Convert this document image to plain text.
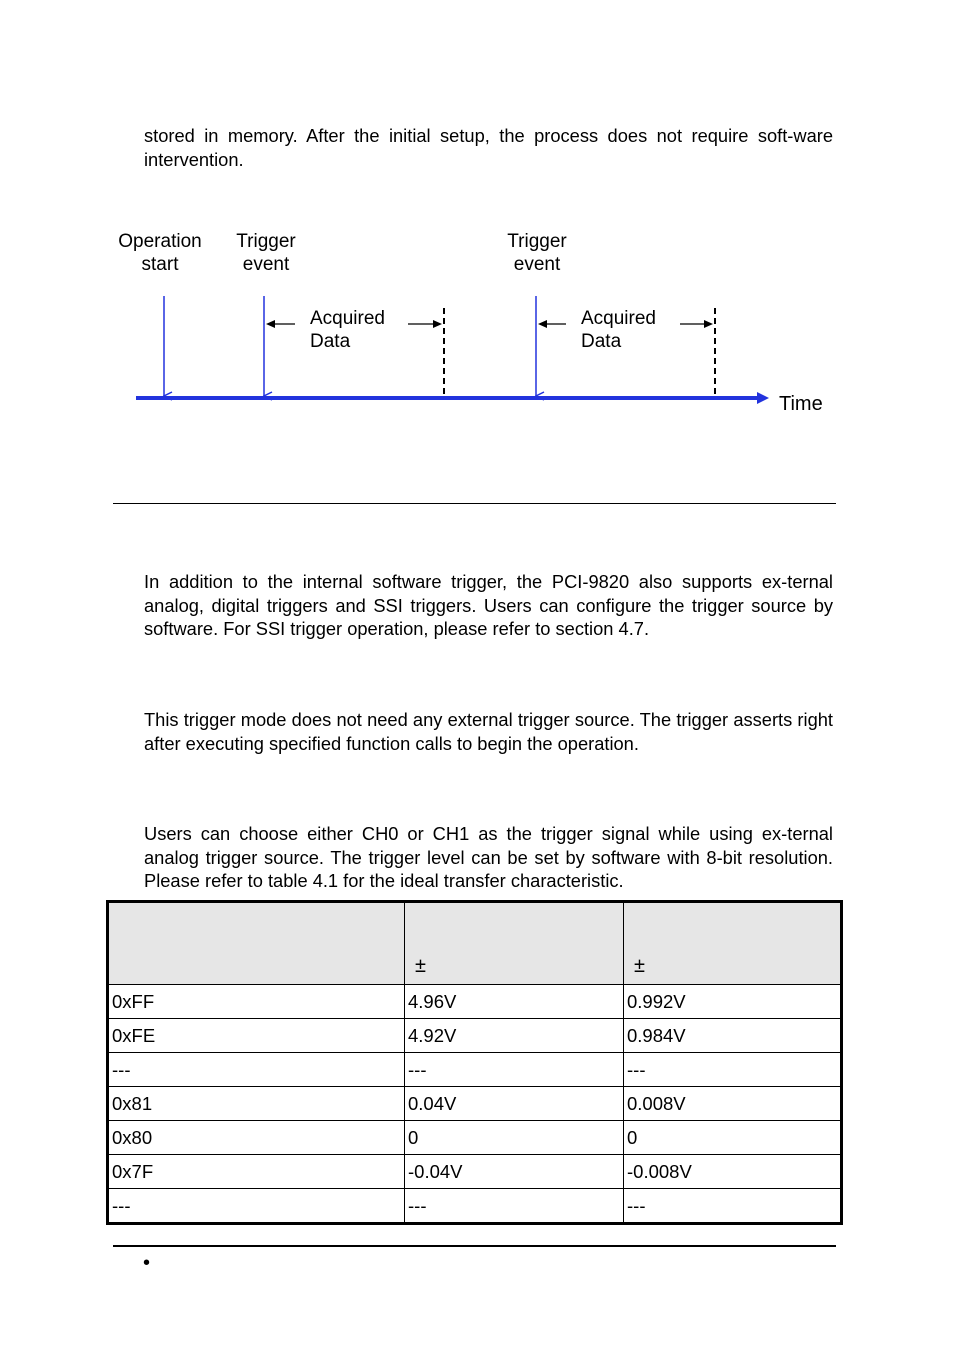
stored in memory. After the initial setup, the process does not require soft-ware intervention.

Operation
start
Trigger
event
Trigger
event
Acquired
Data
Acquired
Data
Time

In addition to the internal software trigger, the PCI-9820 also supports ex-ternal analog, digital triggers and SSI triggers. Users can configure the trigger source by software. For SSI trigger operation, please refer to section 4.7.

This trigger mode does not need any external trigger source. The trigger asserts right after executing specified function calls to begin the operation.

Users can choose either CH0 or CH1 as the trigger signal while using ex-ternal analog trigger source. The trigger level can be set by software with 8-bit resolution. Please refer to table 4.1 for the ideal transfer characteristic.

	±	±
0xFF	4.96V	0.992V
0xFE	4.92V	0.984V
---	---	---
0x81	0.04V	0.008V
0x80	0	0
0x7F	-0.04V	-0.008V
---	---	---
•
